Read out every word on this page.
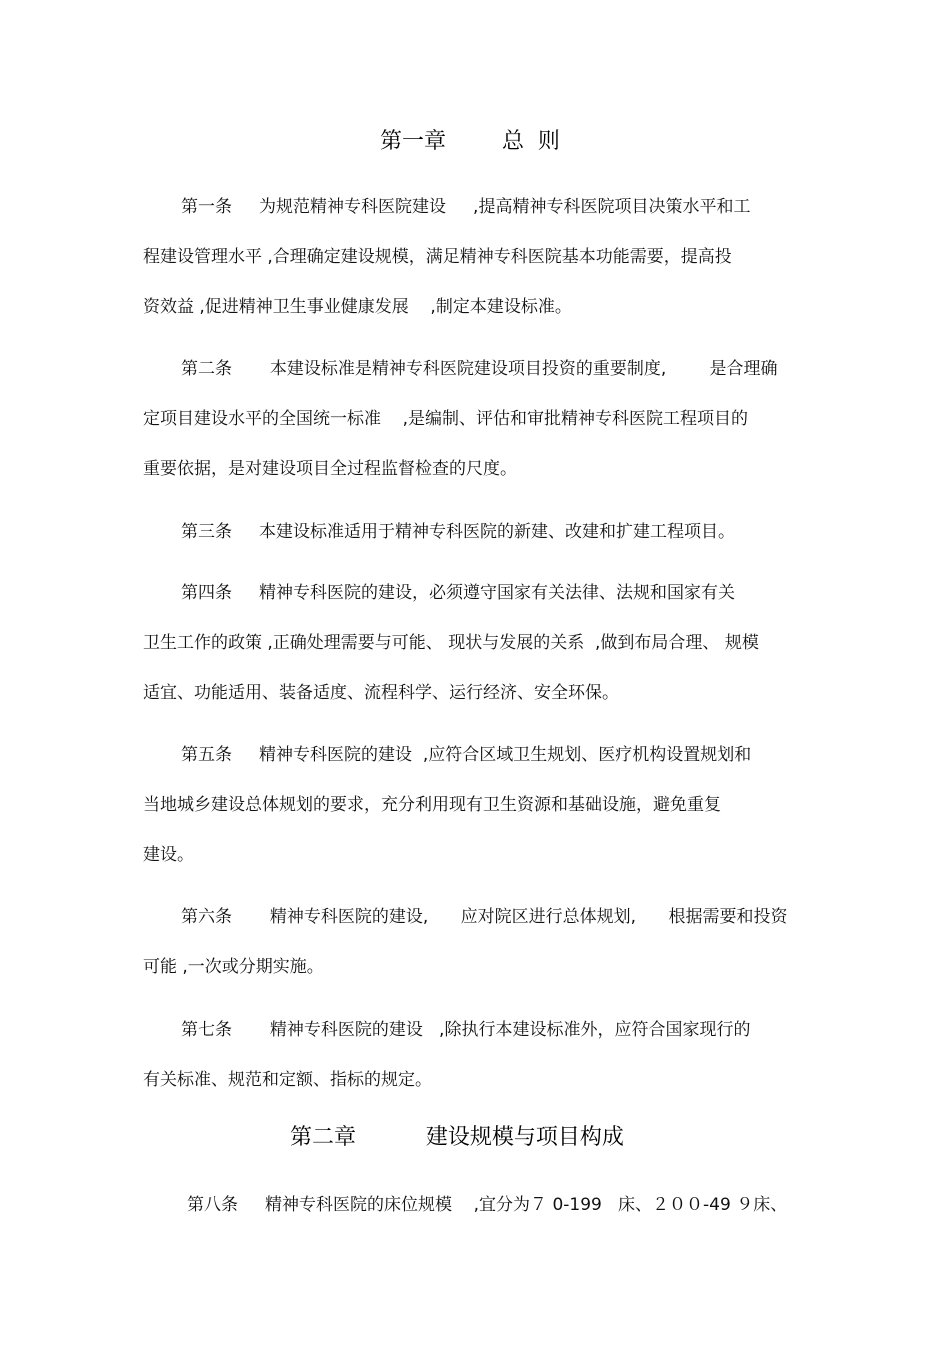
第一章        总  则
第一条     为规范精神专科医院建设     ,提高精神专科医院项目决策水平和工
程建设管理水平 ,合理确定建设规模，满足精神专科医院基本功能需要，提高投
资效益 ,促进精神卫生事业健康发展    ,制定本建设标准。
第二条       本建设标准是精神专科医院建设项目投资的重要制度,        是合理确
定项目建设水平的全国统一标准    ,是编制、评估和审批精神专科医院工程项目的
重要依据，是对建设项目全过程监督检查的尺度。
第三条     本建设标准适用于精神专科医院的新建、改建和扩建工程项目。
第四条     精神专科医院的建设，必须遵守国家有关法律、法规和国家有关
卫生工作的政策 ,正确处理需要与可能、 现状与发展的关系  ,做到布局合理、 规模
适宜、功能适用、装备适度、流程科学、运行经济、安全环保。
第五条     精神专科医院的建设  ,应符合区域卫生规划、医疗机构设置规划和
当地城乡建设总体规划的要求，充分利用现有卫生资源和基础设施，避免重复
建设。
第六条       精神专科医院的建设,      应对院区进行总体规划,      根据需要和投资
可能 ,一次或分期实施。
第七条       精神专科医院的建设   ,除执行本建设标准外，应符合国家现行的
有关标准、规范和定额、指标的规定。
第二章          建设规模与项目构成
第八条     精神专科医院的床位规模    ,宜分为７ 0-199   床、２００-49 ９床、
